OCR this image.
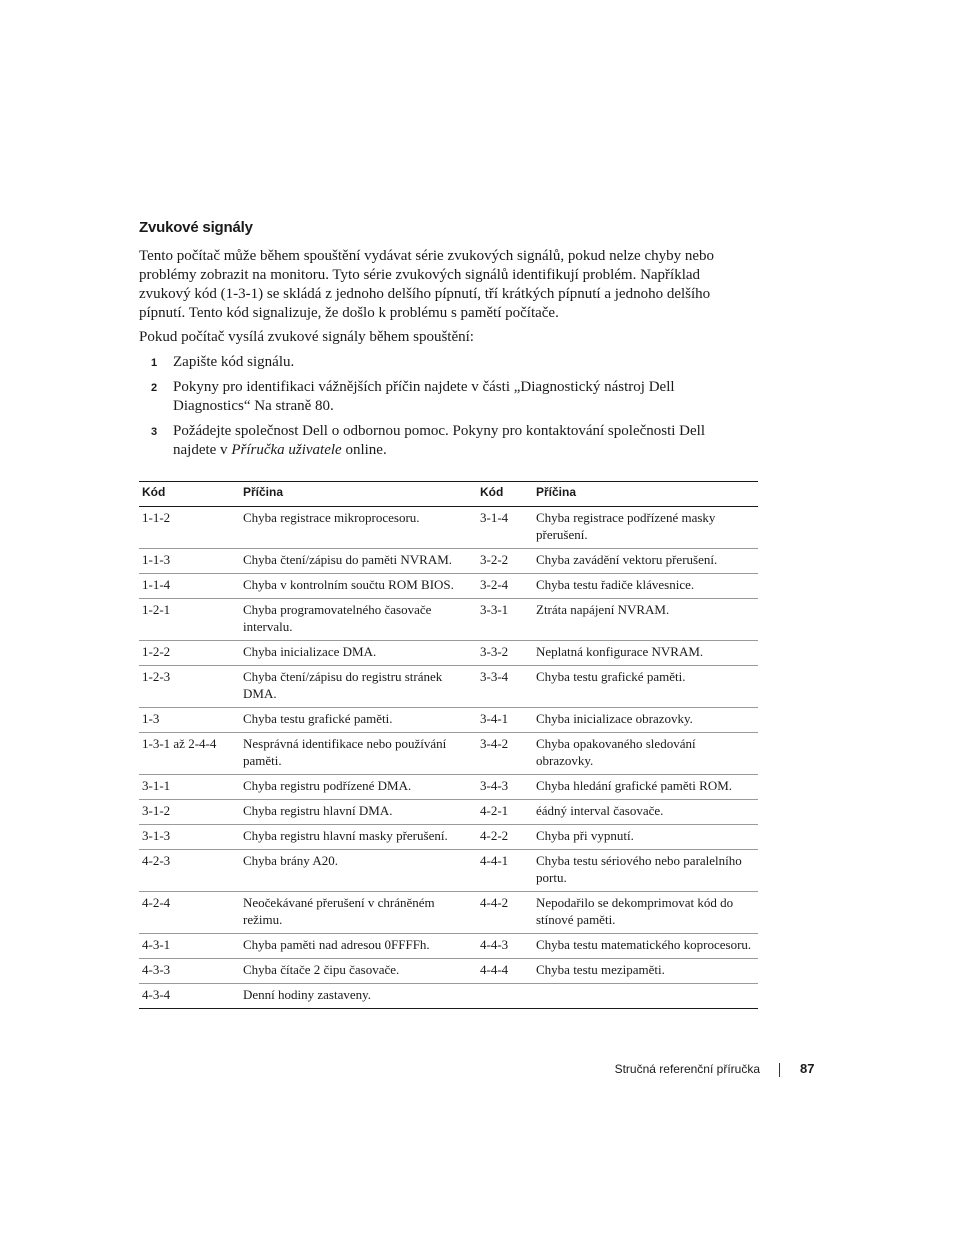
Zvukové signály

Tento počítač může během spouštění vydávat série zvukových signálů, pokud nelze chyby nebo problémy zobrazit na monitoru. Tyto série zvukových signálů identifikují problém. Například zvukový kód (1-3-1) se skládá z jednoho delšího pípnutí, tří krátkých pípnutí a jednoho delšího pípnutí. Tento kód signalizuje, že došlo k problému s pamětí počítače.

Pokud počítač vysílá zvukové signály během spouštění:

1 Zapište kód signálu.
2 Pokyny pro identifikaci vážnějších příčin najdete v části „Diagnostický nástroj Dell Diagnostics“ Na straně 80.
3 Požádejte společnost Dell o odbornou pomoc. Pokyny pro kontaktování společnosti Dell najdete v Příručka uživatele online.
Kód	Příčina	Kód	Příčina
1-1-2	Chyba registrace mikroprocesoru.	3-1-4	Chyba registrace podřízené masky přerušení.
1-1-3	Chyba čtení/zápisu do paměti NVRAM.	3-2-2	Chyba zavádění vektoru přerušení.
1-1-4	Chyba v kontrolním součtu ROM BIOS.	3-2-4	Chyba testu řadiče klávesnice.
1-2-1	Chyba programovatelného časovače intervalu.	3-3-1	Ztráta napájení NVRAM.
1-2-2	Chyba inicializace DMA.	3-3-2	Neplatná konfigurace NVRAM.
1-2-3	Chyba čtení/zápisu do registru stránek DMA.	3-3-4	Chyba testu grafické paměti.
1-3	Chyba testu grafické paměti.	3-4-1	Chyba inicializace obrazovky.
1-3-1 až 2-4-4	Nesprávná identifikace nebo používání paměti.	3-4-2	Chyba opakovaného sledování obrazovky.
3-1-1	Chyba registru podřízené DMA.	3-4-3	Chyba hledání grafické paměti ROM.
3-1-2	Chyba registru hlavní DMA.	4-2-1	éádný interval časovače.
3-1-3	Chyba registru hlavní masky přerušení.	4-2-2	Chyba při vypnutí.
4-2-3	Chyba brány A20.	4-4-1	Chyba testu sériového nebo paralelního portu.
4-2-4	Neočekávané přerušení v chráněném režimu.	4-4-2	Nepodařilo se dekomprimovat kód do stínové paměti.
4-3-1	Chyba paměti nad adresou 0FFFFh.	4-4-3	Chyba testu matematického koprocesoru.
4-3-3	Chyba čítače 2 čipu časovače.	4-4-4	Chyba testu mezipaměti.
4-3-4	Denní hodiny zastaveny.		
Stručná referenční příručka	87
